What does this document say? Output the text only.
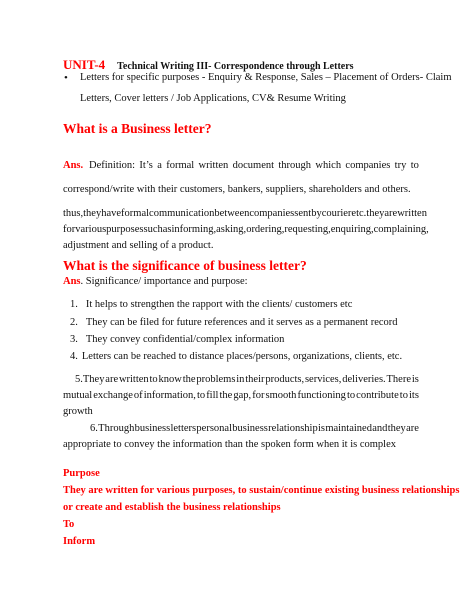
UNIT-4 Technical Writing III- Correspondence through Letters
• Letters for specific purposes - Enquiry & Response, Sales – Placement of Orders- Claim
Letters, Cover letters / Job Applications, CV& Resume Writing
What is a Business letter?
Ans. Definition: It’s a formal written document through which companies try to
correspond/write with their customers, bankers, suppliers, shareholders and others.
thus, they have formal communication between companies sent by courier etc. they are written
for various purposes such as informing, asking, ordering, requesting, enquiring, complaining,
adjustment and selling of a product.
What is the significance of business letter?
Ans. Significance/ importance and purpose:
1. It helps to strengthen the rapport with the clients/ customers etc
2. They can be filed for future references and it serves as a permanent record
3. They convey confidential/complex information
4. Letters can be reached to distance places/persons, organizations, clients, etc.
5.They are written to know the problems in their products, services, deliveries. There is
mutual exchange of information, to fill the gap, for smooth functioning to contribute to its
growth
6. Through business letters personal business relationship is maintained and they are
appropriate to convey the information than the spoken form when it is complex
Purpose
They are written for various purposes, to sustain/continue existing business relationships
or create and establish the business relationships
To
Inform
